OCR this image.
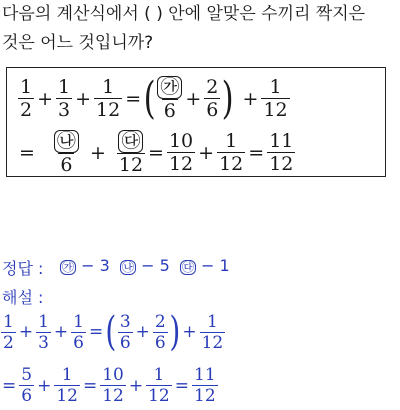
다음의 계산식에서 ( ) 안에 알맞은 수끼리 짝지은
것은 어느 것입니까?
$\frac{1}{2} + \frac{1}{3} + \frac{1}{12}$ = ( $\frac{㉮}{6} + \frac{2}{6}$ ) + $\frac{1}{12}$
= $\frac{㉯}{6} + \frac{㉰}{12} = \frac{10}{12} + \frac{1}{12} = \frac{11}{12}$
정답 : ㉮ − 3 ㉯ − 5 ㉰ − 1
해설 :
$\frac{1}{2} + \frac{1}{3} + \frac{1}{6}$ = ( $\frac{3}{6} + \frac{2}{6}$ ) + $\frac{1}{12}$
= $\frac{5}{6} + \frac{1}{12} = \frac{10}{12} + \frac{1}{12} = \frac{11}{12}$
